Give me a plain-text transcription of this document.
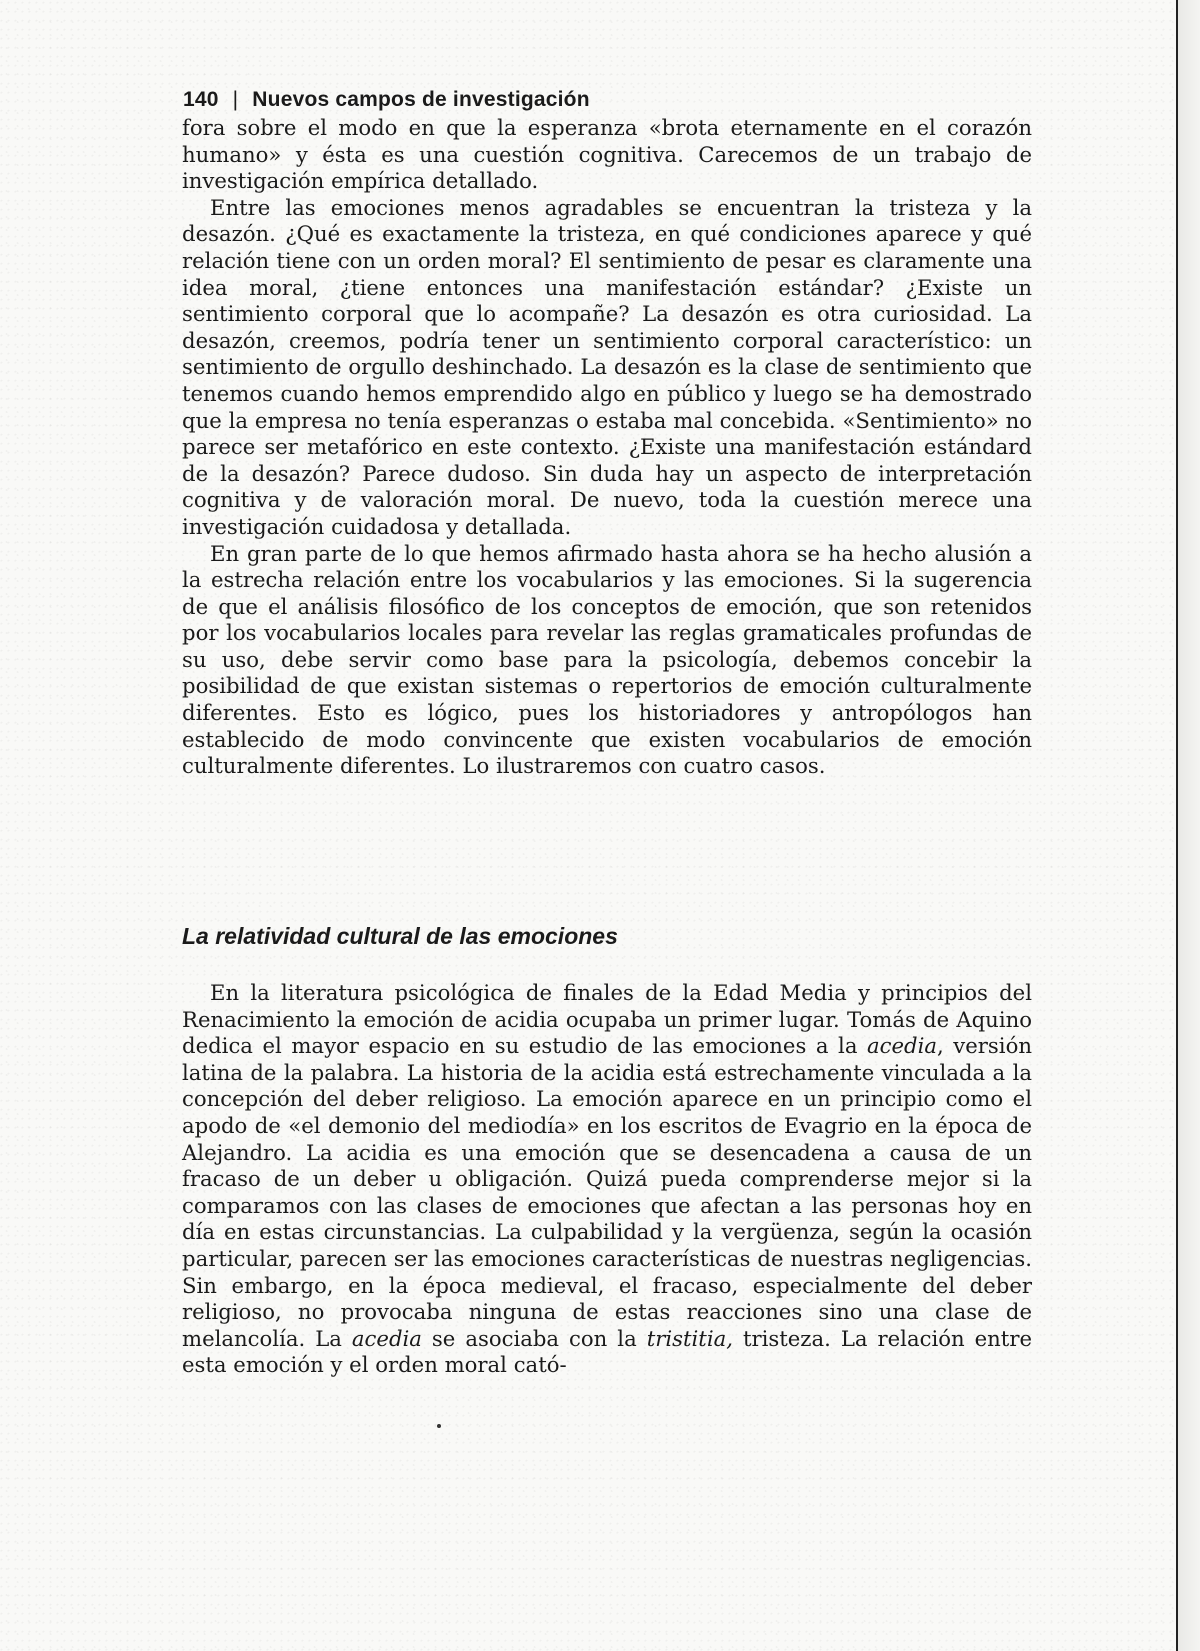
140 | Nuevos campos de investigación

fora sobre el modo en que la esperanza «brota eternamente en el corazón humano» y ésta es una cuestión cognitiva. Carecemos de un trabajo de investigación empírica detallado.

Entre las emociones menos agradables se encuentran la tristeza y la desazón. ¿Qué es exactamente la tristeza, en qué condiciones aparece y qué relación tiene con un orden moral? El sentimiento de pesar es claramente una idea moral, ¿tiene entonces una manifestación estándar? ¿Existe un sentimiento corporal que lo acompañe? La desazón es otra curiosidad. La desazón, creemos, podría tener un sentimiento corporal característico: un sentimiento de orgullo deshinchado. La desazón es la clase de sentimiento que tenemos cuando hemos emprendido algo en público y luego se ha demostrado que la empresa no tenía esperanzas o estaba mal concebida. «Sentimiento» no parece ser metafórico en este contexto. ¿Existe una manifestación estándard de la desazón? Parece dudoso. Sin duda hay un aspecto de interpretación cognitiva y de valoración moral. De nuevo, toda la cuestión merece una investigación cuidadosa y detallada.

En gran parte de lo que hemos afirmado hasta ahora se ha hecho alusión a la estrecha relación entre los vocabularios y las emociones. Si la sugerencia de que el análisis filosófico de los conceptos de emoción, que son retenidos por los vocabularios locales para revelar las reglas gramaticales profundas de su uso, debe servir como base para la psicología, debemos concebir la posibilidad de que existan sistemas o repertorios de emoción culturalmente diferentes. Esto es lógico, pues los historiadores y antropólogos han establecido de modo convincente que existen vocabularios de emoción culturalmente diferentes. Lo ilustraremos con cuatro casos.

La relatividad cultural de las emociones

En la literatura psicológica de finales de la Edad Media y principios del Renacimiento la emoción de acidia ocupaba un primer lugar. Tomás de Aquino dedica el mayor espacio en su estudio de las emociones a la acedia, versión latina de la palabra. La historia de la acidia está estrechamente vinculada a la concepción del deber religioso. La emoción aparece en un principio como el apodo de «el demonio del mediodía» en los escritos de Evagrio en la época de Alejandro. La acidia es una emoción que se desencadena a causa de un fracaso de un deber u obligación. Quizá pueda comprenderse mejor si la comparamos con las clases de emociones que afectan a las personas hoy en día en estas circunstancias. La culpabilidad y la vergüenza, según la ocasión particular, parecen ser las emociones características de nuestras negligencias. Sin embargo, en la época medieval, el fracaso, especialmente del deber religioso, no provocaba ninguna de estas reacciones sino una clase de melancolía. La acedia se asociaba con la tristitia, tristeza. La relación entre esta emoción y el orden moral cató-
